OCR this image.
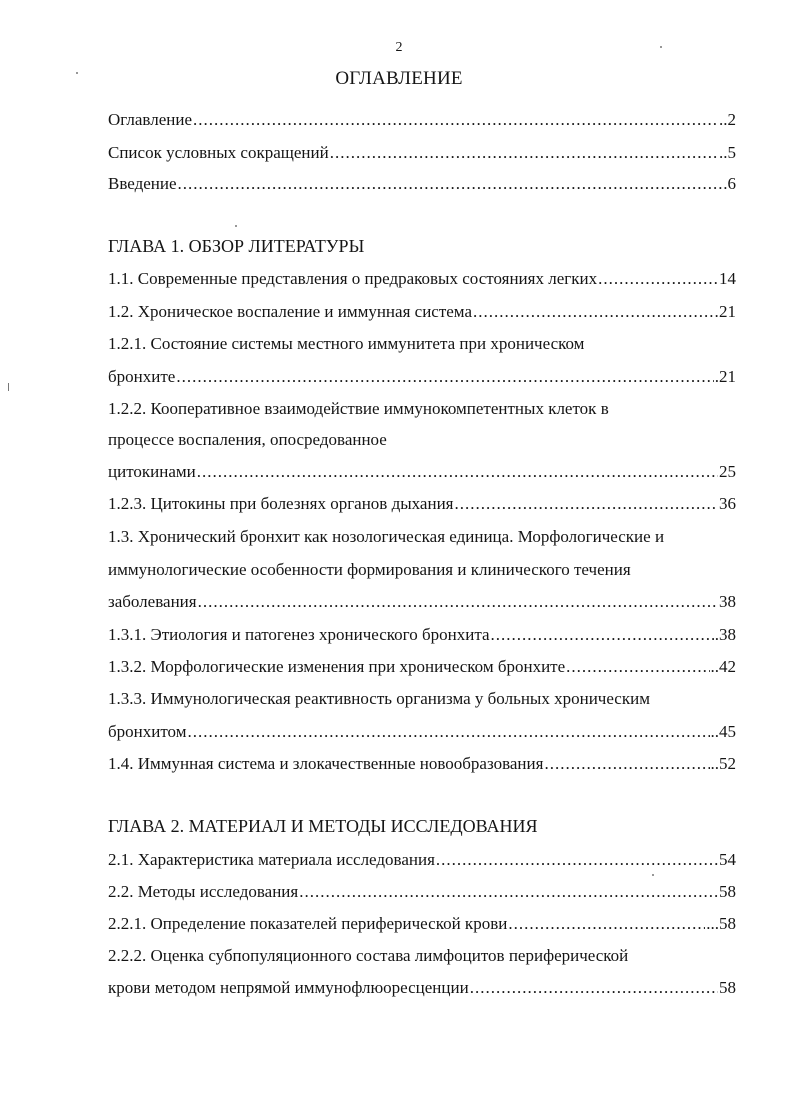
2
ОГЛАВЛЕНИЕ
Оглавление .....	..2
Список условных сокращений .....	..5
Введение .....	.6
ГЛАВА 1. ОБЗОР ЛИТЕРАТУРЫ
1.1. Современные представления о предраковых состояниях легких .....	14
1.2. Хроническое воспаление и иммунная система .....	21
1.2.1. Состояние системы местного иммунитета при хроническом
бронхите .....	.21
1.2.2. Кооперативное взаимодействие иммунокомпетентных клеток в
процессе воспаления, опосредованное
цитокинами .....	25
1.2.3. Цитокины при болезнях органов дыхания .....	36
1.3. Хронический бронхит как нозологическая единица. Морфологические и
иммунологические особенности формирования и клинического течения
заболевания .....	38
1.3.1. Этиология и патогенез хронического бронхита .....	.38
1.3.2. Морфологические изменения при хроническом бронхите .....	..42
1.3.3. Иммунологическая реактивность организма у больных хроническим
бронхитом .....	..45
1.4. Иммунная система и злокачественные новообразования .....	..52
ГЛАВА 2. МАТЕРИАЛ И МЕТОДЫ ИССЛЕДОВАНИЯ
2.1. Характеристика материала исследования .....	54
2.2. Методы исследования .....	58
2.2.1. Определение показателей периферической крови .....	...58
2.2.2. Оценка субпопуляционного состава лимфоцитов периферической
крови методом непрямой иммунофлюоресценции .....	58
